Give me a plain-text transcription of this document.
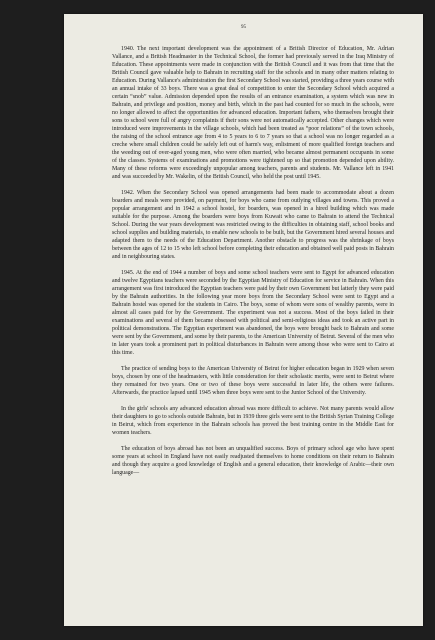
95

1940. The next important development was the appointment of a British Director of Education, Mr. Adrian Vallance, and a British Headmaster in the Technical School, the former had previously served in the Iraq Ministry of Education. These appointments were made in conjunction with the British Council and it was from that time that the British Council gave valuable help to Bahrain in recruiting staff for the schools and in many other matters relating to Education. During Vallance's administration the first Secondary School was started, providing a three years course with an annual intake of 33 boys. There was a great deal of competition to enter the Secondary School which acquired a certain “snob” value. Admission depended upon the results of an entrance examination, a system which was new in Bahrain, and privilege and position, money and birth, which in the past had counted for so much in the schools, were no longer allowed to affect the opportunities for advanced education. Important fathers, who themselves brought their sons to school were full of angry complaints if their sons were not automatically accepted. Other changes which were introduced were improvements in the village schools, which had been treated as “poor relations” of the town schools, the raising of the school entrance age from 4 to 5 years to 6 to 7 years so that a school was no longer regarded as a creche where small children could be safely left out of harm's way, enlistment of more qualified foreign teachers and the weeding out of over-aged young men, who were often married, who became almost permanent occupants in some of the classes. Systems of examinations and promotions were tightened up so that promotion depended upon ability. Many of these reforms were exceedingly unpopular among teachers, parents and students. Mr. Vallance left in 1941 and was succeeded by Mr. Wakelin, of the British Council, who held the post until 1945.

1942. When the Secondary School was opened arrangements had been made to accommodate about a dozen boarders and meals were provided, on payment, for boys who came from outlying villages and towns. This proved a popular arrangement and in 1942 a school hostel, for boarders, was opened in a hired building which was made suitable for the purpose. Among the boarders were boys from Kuwait who came to Bahrain to attend the Technical School. During the war years development was restricted owing to the difficulties in obtaining staff, school books and school supplies and building materials, to enable new schools to be built, but the Government hired several houses and adapted them to the needs of the Education Department. Another obstacle to progress was the shrinkage of boys between the ages of 12 to 15 who left school before completing their education and obtained well paid posts in Bahrain and in neighbouring states.

1945. At the end of 1944 a number of boys and some school teachers were sent to Egypt for advanced education and twelve Egyptians teachers were seconded by the Egyptian Ministry of Education for service in Bahrain. When this arrangement was first introduced the Egyptian teachers were paid by their own Government but latterly they were paid by the Bahrain authorities. In the following year more boys from the Secondary School were sent to Egypt and a Bahrain hostel was opened for the students in Cairo. The boys, some of whom were sons of wealthy parents, were in almost all cases paid for by the Government. The experiment was not a success. Most of the boys failed in their examinations and several of them became obsessed with political and semi-religious ideas and took an active part in political demonstrations. The Egyptian experiment was abandoned, the boys were brought back to Bahrain and some were sent by the Government, and some by their parents, to the American University of Beirut. Several of the men who in later years took a prominent part in political disturbances in Bahrain were among those who were sent to Cairo at this time.

The practice of sending boys to the American University of Beirut for higher education began in 1929 when seven boys, chosen by one of the headmasters, with little consideration for their scholastic merits, were sent to Beirut where they remained for two years. One or two of these boys were successful in later life, the others were failures. Afterwards, the practice lapsed until 1945 when three boys were sent to the Junior School of the University.

In the girls' schools any advanced education abroad was more difficult to achieve. Not many parents would allow their daughters to go to schools outside Bahrain, but in 1939 three girls were sent to the British Syrian Training College in Beirut, which from experience in the Bahrain schools has proved the best training centre in the Middle East for women teachers.

The education of boys abroad has not been an unqualified success. Boys of primary school age who have spent some years at school in England have not easily readjusted themselves to home conditions on their return to Bahrain and though they acquire a good knowledge of English and a general education, their knowledge of Arabic—their own language—
